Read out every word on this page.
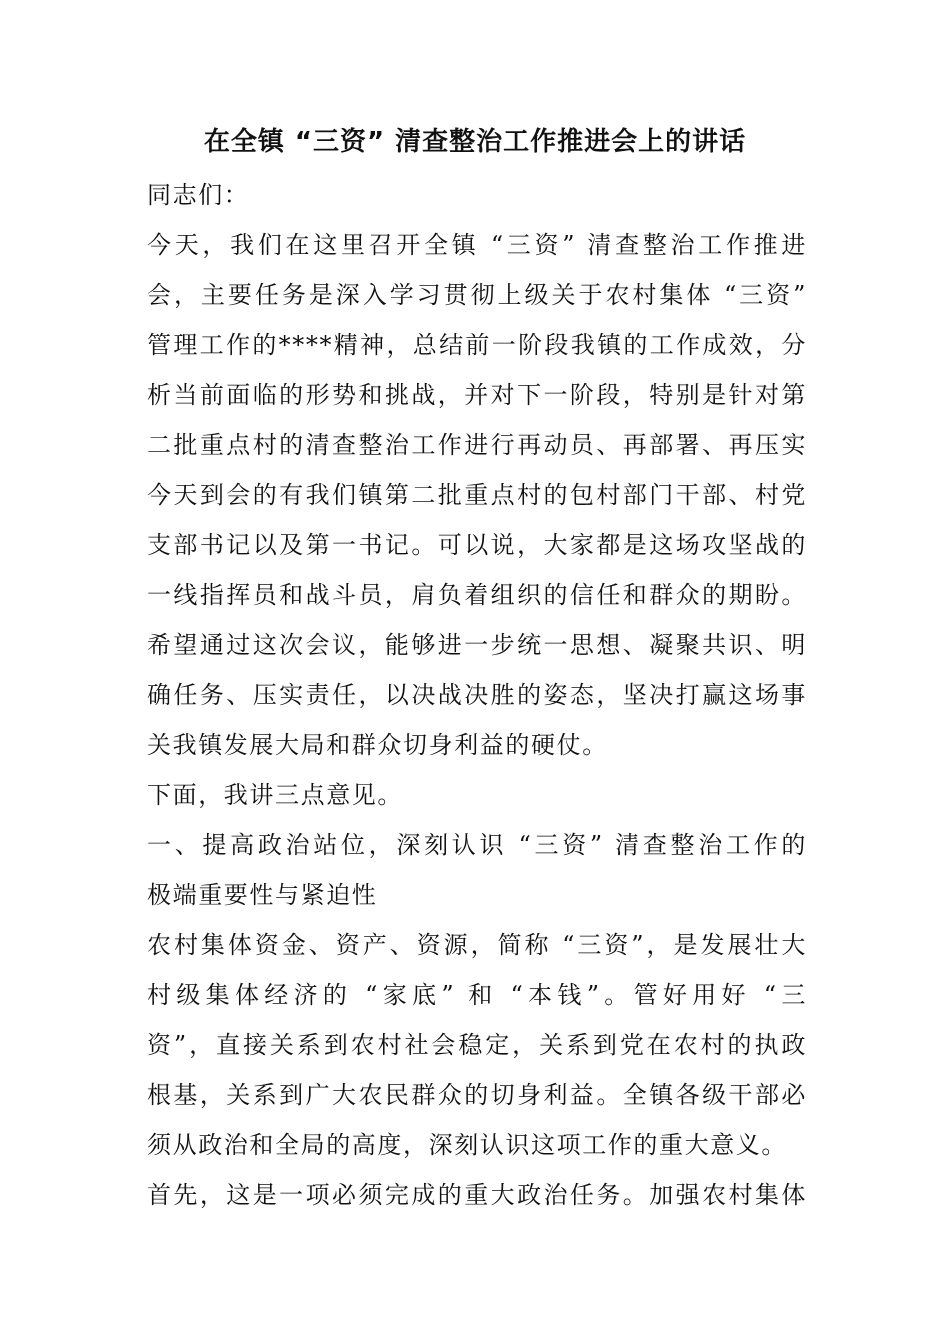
在全镇 “三资” 清查整治工作推进会上的讲话
同志们：
今天，我们在这里召开全镇 “三资” 清查整治工作推进
会，主要任务是深入学习贯彻上级关于农村集体 “三资”
管理工作的****精神，总结前一阶段我镇的工作成效，分
析当前面临的形势和挑战，并对下一阶段，特别是针对第
二批重点村的清查整治工作进行再动员、再部署、再压实
今天到会的有我们镇第二批重点村的包村部门干部、村党
支部书记以及第一书记。可以说，大家都是这场攻坚战的
一线指挥员和战斗员，肩负着组织的信任和群众的期盼。
希望通过这次会议，能够进一步统一思想、凝聚共识、明
确任务、压实责任，以决战决胜的姿态，坚决打赢这场事
关我镇发展大局和群众切身利益的硬仗。
下面，我讲三点意见。
一、提高政治站位，深刻认识 “三资” 清查整治工作的
极端重要性与紧迫性
农村集体资金、资产、资源，简称 “三资”，是发展壮大
村级集体经济的 “家底” 和 “本钱”。管好用好 “三
资”，直接关系到农村社会稳定，关系到党在农村的执政
根基，关系到广大农民群众的切身利益。全镇各级干部必
须从政治和全局的高度，深刻认识这项工作的重大意义。
首先，这是一项必须完成的重大政治任务。加强农村集体
